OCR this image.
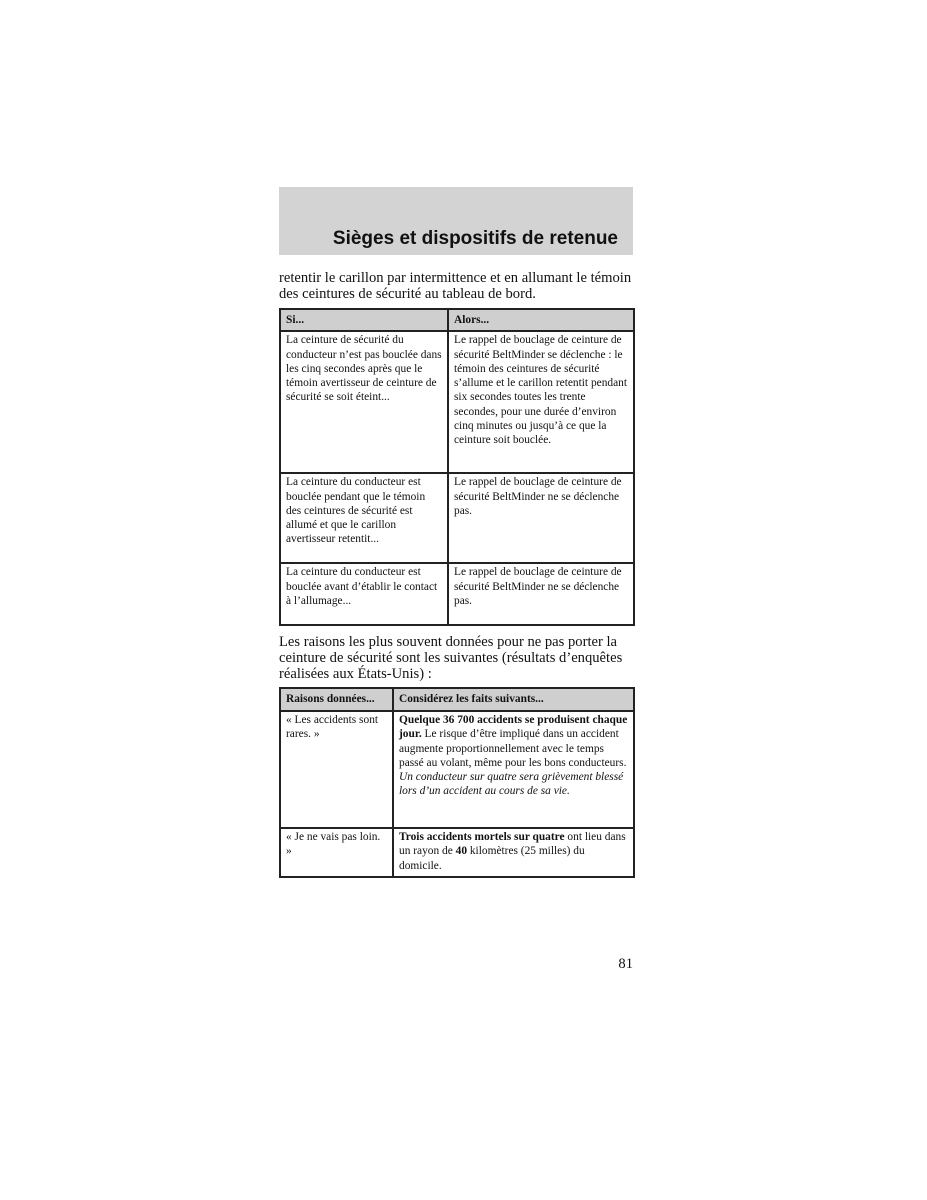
Sièges et dispositifs de retenue

retentir le carillon par intermittence et en allumant le témoin des ceintures de sécurité au tableau de bord.

Si...	Alors...
La ceinture de sécurité du conducteur n’est pas bouclée dans les cinq secondes après que le témoin avertisseur de ceinture de sécurité se soit éteint...	Le rappel de bouclage de ceinture de sécurité BeltMinder se déclenche : le témoin des ceintures de sécurité s’allume et le carillon retentit pendant six secondes toutes les trente secondes, pour une durée d’environ cinq minutes ou jusqu’à ce que la ceinture soit bouclée.
La ceinture du conducteur est bouclée pendant que le témoin des ceintures de sécurité est allumé et que le carillon avertisseur retentit...	Le rappel de bouclage de ceinture de sécurité BeltMinder ne se déclenche pas.
La ceinture du conducteur est bouclée avant d’établir le contact à l’allumage...	Le rappel de bouclage de ceinture de sécurité BeltMinder ne se déclenche pas.

Les raisons les plus souvent données pour ne pas porter la ceinture de sécurité sont les suivantes (résultats d’enquêtes réalisées aux États-Unis) :

Raisons données...	Considérez les faits suivants...
« Les accidents sont rares. »	Quelque 36 700 accidents se produisent chaque jour. Le risque d’être impliqué dans un accident augmente proportionnellement avec le temps passé au volant, même pour les bons conducteurs. Un conducteur sur quatre sera grièvement blessé lors d’un accident au cours de sa vie.
« Je ne vais pas loin. »	Trois accidents mortels sur quatre ont lieu dans un rayon de 40 kilomètres (25 milles) du domicile.
81
